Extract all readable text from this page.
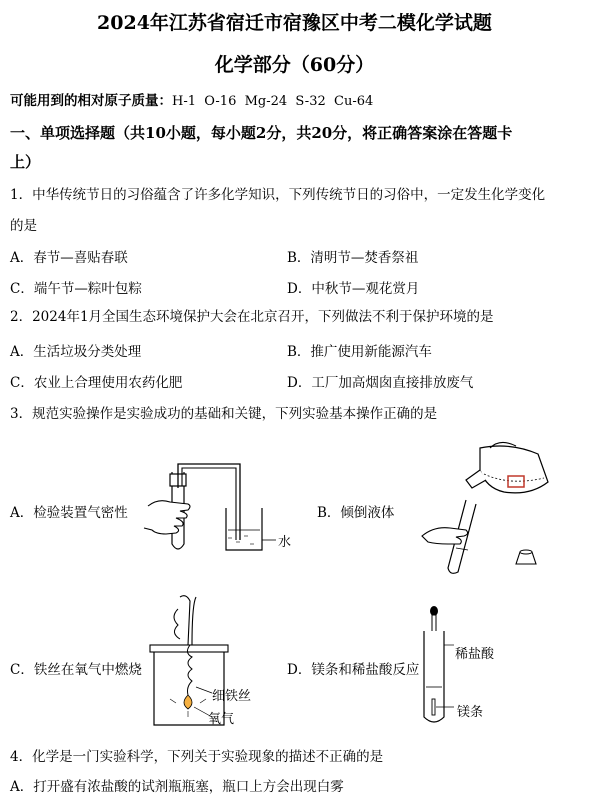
2024年江苏省宿迁市宿豫区中考二模化学试题
化学部分（60分）
可能用到的相对原子质量：H-1  O-16  Mg-24  S-32  Cu-64
一、单项选择题（共10小题，每小题2分，共20分，将正确答案涂在答题卡
上）
1．中华传统节日的习俗蕴含了许多化学知识，下列传统节日的习俗中，一定发生化学变化
的是
A．春节—喜贴春联	B．清明节—焚香祭祖
C．端午节—粽叶包粽	D．中秋节—观花赏月
2．2024年1月全国生态环境保护大会在北京召开，下列做法不利于保护环境的是
A．生活垃圾分类处理	B．推广使用新能源汽车
C．农业上合理使用农药化肥	D．工厂加高烟囱直接排放废气
3．规范实验操作是实验成功的基础和关键，下列实验基本操作正确的是
A．检验装置气密性
水
B．倾倒液体
C．铁丝在氧气中燃烧
细铁丝
氧气
D．镁条和稀盐酸反应
稀盐酸
镁条
4．化学是一门实验科学，下列关于实验现象的描述不正确的是
A．打开盛有浓盐酸的试剂瓶瓶塞，瓶口上方会出现白雾
